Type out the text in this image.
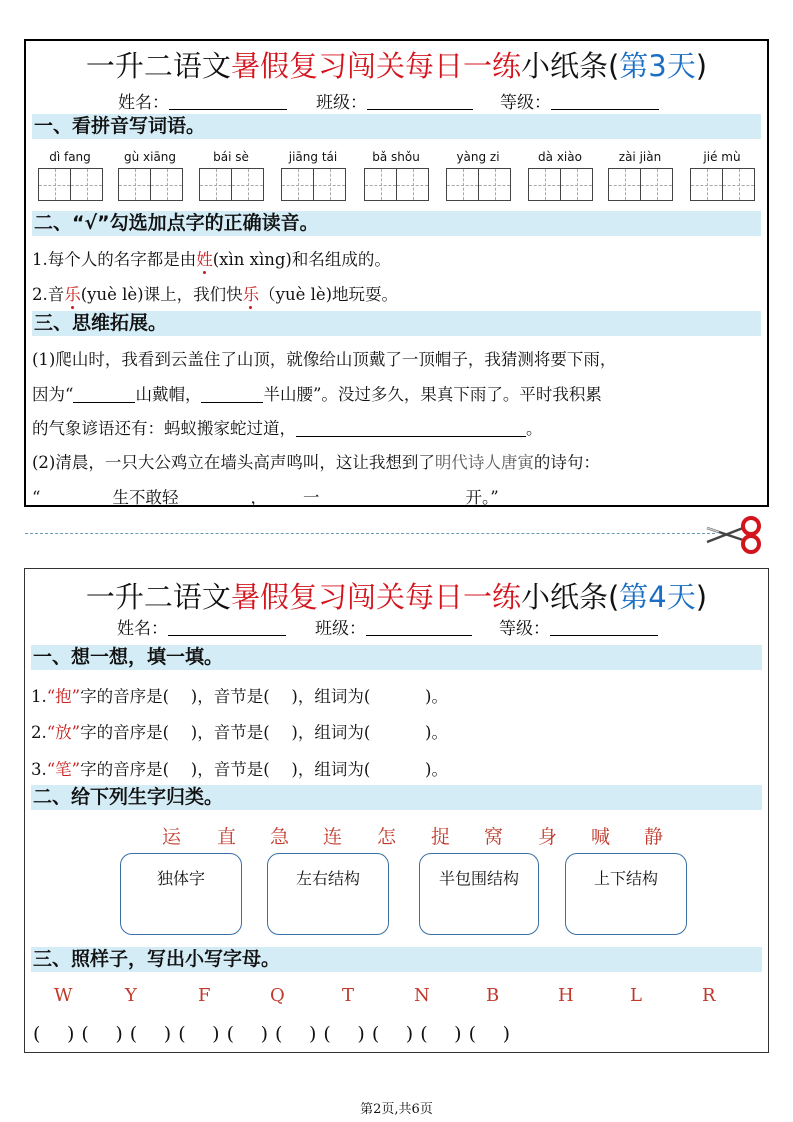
一升二语文暑假复习闯关每日一练小纸条(第3天)
姓名：	班级：	等级：
一、看拼音写词语。
dì fang	gù xiāng	bái sè	jiāng tái	bǎ shǒu	yàng zi	dà xiào	zài jiàn	jié mù
二、“√”勾选加点字的正确读音。
1.每个人的名字都是由姓(xìn xìng)和名组成的。
2.音乐(yuè lè)课上，我们快乐（yuè lè)地玩耍。
三、思维拓展。
(1)爬山时，我看到云盖住了山顶，就像给山顶戴了一顶帽子，我猜测将要下雨，
因为“	山戴帽，	半山腰”。没过多久，果真下雨了。平时我积累
的气象谚语还有：蚂蚁搬家蛇过道，	。
(2)清晨，一只大公鸡立在墙头高声鸣叫，这让我想到了明代诗人唐寅的诗句：
“	生不敢轻	， 一	开。”
一升二语文暑假复习闯关每日一练小纸条(第4天)
姓名：	班级：	等级：
一、想一想，填一填。
1.“抱”字的音序是(  )，音节是(  )，组词为(    )。
2.“放”字的音序是(  )，音节是(  )，组词为(    )。
3.“笔”字的音序是(  )，音节是(  )，组词为(    )。
二、给下列生字归类。
运 直 急 连 怎 捉 窝 身 喊 静
独体字	左右结构	半包围结构	上下结构
三、照样子，写出小写字母。
W	Y	F	Q	T	N	B	H	L	R
(  ) (  ) (  ) (  ) (  ) (  ) (  ) (  ) (  ) (  )
第2页,共6页
